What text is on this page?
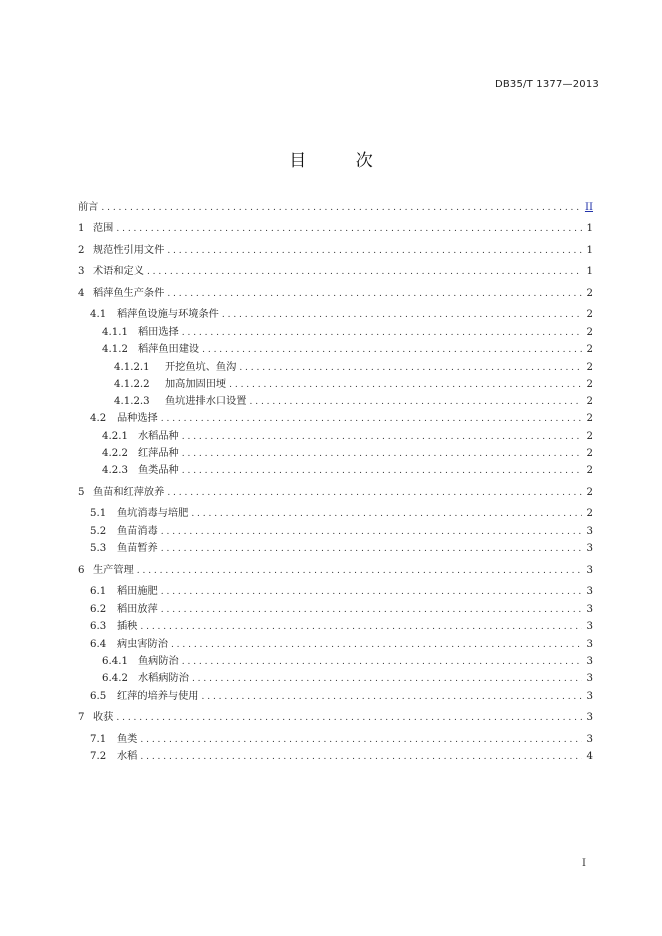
DB35/T 1377—2013
目 次
前言 . . .	II
1 范围 . . .	1
2 规范性引用文件 . . .	1
3 术语和定义 . . .	1
4 稻萍鱼生产条件 . . .	2
4.1	稻萍鱼设施与环境条件 . . .	2
4.1.1 稻田选择 . . .	2
4.1.2 稻萍鱼田建设 . . .	2
4.1.2.1	开挖鱼坑、鱼沟 . . .	2
4.1.2.2	加高加固田埂 . . .	2
4.1.2.3	鱼坑进排水口设置 . . .	2
4.2	品种选择 . . .	2
4.2.1 水稻品种 . . .	2
4.2.2 红萍品种 . . .	2
4.2.3 鱼类品种 . . .	2
5 鱼苗和红萍放养 . . .	2
5.1	鱼坑消毒与培肥 . . .	2
5.2	鱼苗消毒 . . .	3
5.3	鱼苗暂养 . . .	3
6 生产管理 . . .	3
6.1	稻田施肥 . . .	3
6.2	稻田放萍 . . .	3
6.3	插秧 . . .	3
6.4	病虫害防治 . . .	3
6.4.1 鱼病防治 . . .	3
6.4.2 水稻病防治 . . .	3
6.5	红萍的培养与使用 . . .	3
7 收获 . . .	3
7.1	鱼类 . . .	3
7.2	水稻 . . .	4
I
